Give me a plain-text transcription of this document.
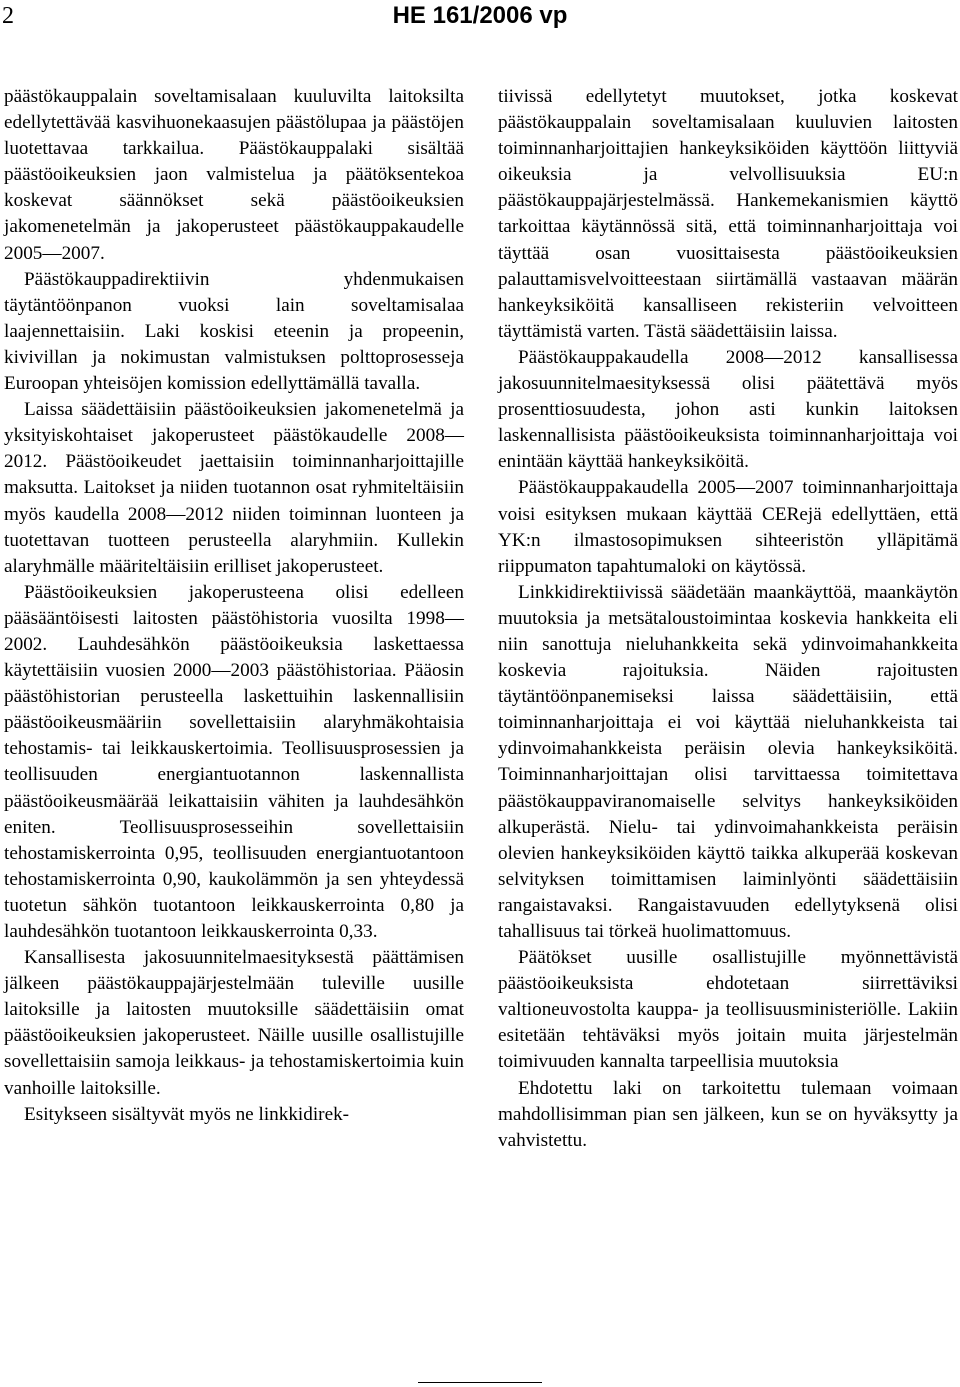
2	HE 161/2006 vp

päästökauppalain soveltamisalaan kuuluvilta laitoksilta edellytettävää kasvihuonekaasujen päästölupaa ja päästöjen luotettavaa tarkkailua. Päästökauppalaki sisältää päästöoikeuksien jaon valmistelua ja päätöksentekoa koskevat säännökset sekä päästöoikeuksien jakomenetelmän ja jakoperusteet päästökauppakaudelle 2005—2007.

Päästökauppadirektiivin yhdenmukaisen täytäntöönpanon vuoksi lain soveltamisalaa laajennettaisiin. Laki koskisi eteenin ja propeenin, kivivillan ja nokimustan valmistuksen polttoprosesseja Euroopan yhteisöjen komission edellyttämällä tavalla.

Laissa säädettäisiin päästöoikeuksien jakomenetelmä ja yksityiskohtaiset jakoperusteet päästökaudelle 2008—2012. Päästöoikeudet jaettaisiin toiminnanharjoittajille maksutta. Laitokset ja niiden tuotannon osat ryhmiteltäisiin myös kaudella 2008—2012 niiden toiminnan luonteen ja tuotettavan tuotteen perusteella alaryhmiin. Kullekin alaryhmälle määriteltäisiin erilliset jakoperusteet.

Päästöoikeuksien jakoperusteena olisi edelleen pääsääntöisesti laitosten päästöhistoria vuosilta 1998—2002. Lauhdesähkön päästöoikeuksia laskettaessa käytettäisiin vuosien 2000—2003 päästöhistoriaa. Pääosin päästöhistorian perusteella laskettuihin laskennallisiin päästöoikeusmääriin sovellettaisiin alaryhmäkohtaisia tehostamis- tai leikkauskertoimia. Teollisuusprosessien ja teollisuuden energiantuotannon laskennallista päästöoikeusmäärää leikattaisiin vähiten ja lauhdesähkön eniten. Teollisuusprosesseihin sovellettaisiin tehostamiskerrointa 0,95, teollisuuden energiantuotantoon tehostamiskerrointa 0,90, kaukolämmön ja sen yhteydessä tuotetun sähkön tuotantoon leikkauskerrointa 0,80 ja lauhdesähkön tuotantoon leikkauskerrointa 0,33.

Kansallisesta jakosuunnitelmaesityksestä päättämisen jälkeen päästökauppajärjestelmään tuleville uusille laitoksille ja laitosten muutoksille säädettäisiin omat päästöoikeuksien jakoperusteet. Näille uusille osallistujille sovellettaisiin samoja leikkaus- ja tehostamiskertoimia kuin vanhoille laitoksille.

Esitykseen sisältyvät myös ne linkkidirek-

tiivissä edellytetyt muutokset, jotka koskevat päästökauppalain soveltamisalaan kuuluvien laitosten toiminnanharjoittajien hankeyksiköiden käyttöön liittyviä oikeuksia ja velvollisuuksia EU:n päästökauppajärjestelmässä. Hankemekanismien käyttö tarkoittaa käytännössä sitä, että toiminnanharjoittaja voi täyttää osan vuosittaisesta päästöoikeuksien palauttamisvelvoitteestaan siirtämällä vastaavan määrän hankeyksiköitä kansalliseen rekisteriin velvoitteen täyttämistä varten. Tästä säädettäisiin laissa.

Päästökauppakaudella 2008—2012 kansallisessa jakosuunnitelmaesityksessä olisi päätettävä myös prosenttiosuudesta, johon asti kunkin laitoksen laskennallisista päästöoikeuksista toiminnanharjoittaja voi enintään käyttää hankeyksiköitä.

Päästökauppakaudella 2005—2007 toiminnanharjoittaja voisi esityksen mukaan käyttää CERejä edellyttäen, että YK:n ilmastosopimuksen sihteeristön ylläpitämä riippumaton tapahtumaloki on käytössä.

Linkkidirektiivissä säädetään maankäyttöä, maankäytön muutoksia ja metsätaloustoimintaa koskevia hankkeita eli niin sanottuja nieluhankkeita sekä ydinvoimahankkeita koskevia rajoituksia. Näiden rajoitusten täytäntöönpanemiseksi laissa säädettäisiin, että toiminnanharjoittaja ei voi käyttää nieluhankkeista tai ydinvoimahankkeista peräisin olevia hankeyksiköitä. Toiminnanharjoittajan olisi tarvittaessa toimitettava päästökauppaviranomaiselle selvitys hankeyksiköiden alkuperästä. Nielu- tai ydinvoimahankkeista peräisin olevien hankeyksiköiden käyttö taikka alkuperää koskevan selvityksen toimittamisen laiminlyönti säädettäisiin rangaistavaksi. Rangaistavuuden edellytyksenä olisi tahallisuus tai törkeä huolimattomuus.

Päätökset uusille osallistujille myönnettävistä päästöoikeuksista ehdotetaan siirrettäviksi valtioneuvostolta kauppa- ja teollisuusministeriölle. Lakiin esitetään tehtäväksi myös joitain muita järjestelmän toimivuuden kannalta tarpeellisia muutoksia

Ehdotettu laki on tarkoitettu tulemaan voimaan mahdollisimman pian sen jälkeen, kun se on hyväksytty ja vahvistettu.
